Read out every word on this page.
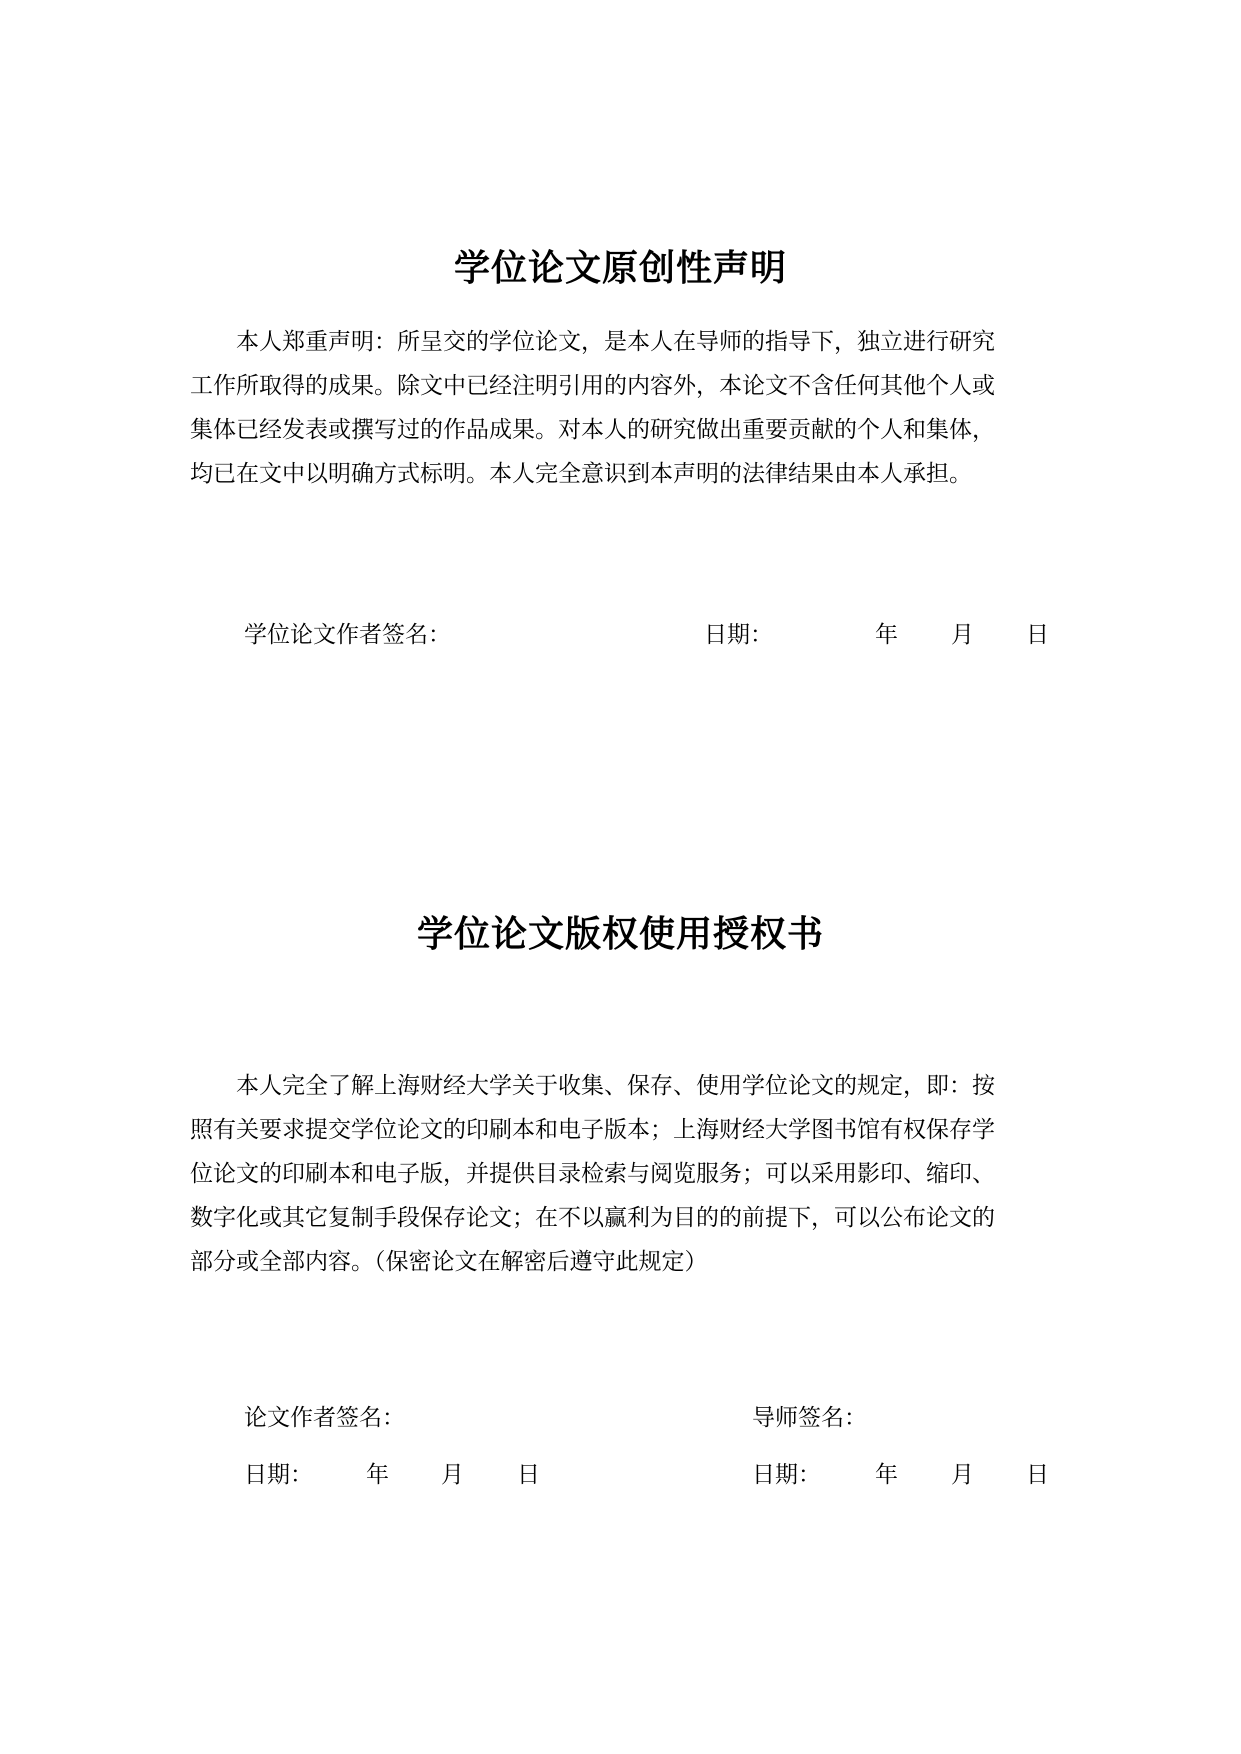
学位论文原创性声明
本人郑重声明：所呈交的学位论文，是本人在导师的指导下，独立进行研究
工作所取得的成果。除文中已经注明引用的内容外，本论文不含任何其他个人或
集体已经发表或撰写过的作品成果。对本人的研究做出重要贡献的个人和集体，
均已在文中以明确方式标明。本人完全意识到本声明的法律结果由本人承担。
学位论文作者签名：	日期：	年 月 日
学位论文版权使用授权书
本人完全了解上海财经大学关于收集、保存、使用学位论文的规定，即：按
照有关要求提交学位论文的印刷本和电子版本；上海财经大学图书馆有权保存学
位论文的印刷本和电子版，并提供目录检索与阅览服务；可以采用影印、缩印、
数字化或其它复制手段保存论文；在不以赢利为目的的前提下，可以公布论文的
部分或全部内容。（保密论文在解密后遵守此规定）
论文作者签名：	导师签名：
日期： 年 月 日	日期： 年 月 日
